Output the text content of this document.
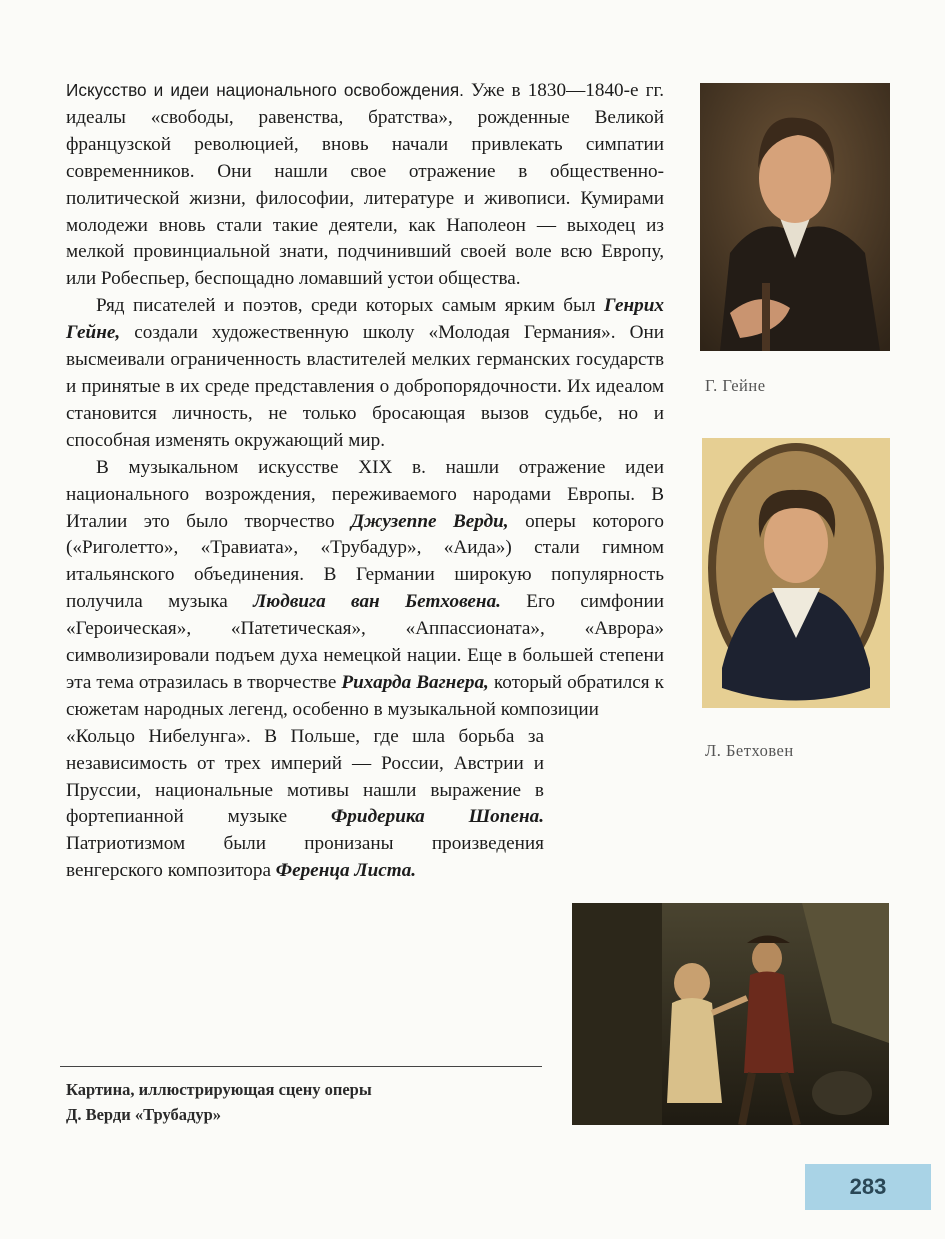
Искусство и идеи национального освобождения. Уже в 1830—1840-е гг. идеалы «свободы, равенства, братства», рожденные Великой французской революцией, вновь начали привлекать симпатии современников. Они нашли свое отражение в общественно-политической жизни, философии, литературе и живописи. Кумирами молодежи вновь стали такие деятели, как Наполеон — выходец из мелкой провинциальной знати, подчинивший своей воле всю Европу, или Робеспьер, беспощадно ломавший устои общества.

Ряд писателей и поэтов, среди которых самым ярким был Генрих Гейне, создали художественную школу «Молодая Германия». Они высмеивали ограниченность властителей мелких германских государств и принятые в их среде представления о добропорядочности. Их идеалом становится личность, не только бросающая вызов судьбе, но и способная изменять окружающий мир.

В музыкальном искусстве XIX в. нашли отражение идеи национального возрождения, переживаемого народами Европы. В Италии это было творчество Джузеппе Верди, оперы которого («Риголетто», «Травиата», «Трубадур», «Аида») стали гимном итальянского объединения. В Германии широкую популярность получила музыка Людвига ван Бетховена. Его симфонии «Героическая», «Патетическая», «Аппассионата», «Аврора» символизировали подъем духа немецкой нации. Еще в большей степени эта тема отразилась в творчестве Рихарда Вагнера, который обратился к сюжетам народных легенд, особенно в музыкальной композиции

«Кольцо Нибелунга». В Польше, где шла борьба за независимость от трех империй — России, Австрии и Пруссии, национальные мотивы нашли выражение в фортепианной музыке Фридерика Шопена. Патриотизмом были пронизаны произведения венгерского композитора Ференца Листа.

Г. Гейне
Л. Бетховен
Картина, иллюстрирующая сцену оперы
Д. Верди «Трубадур»
283
